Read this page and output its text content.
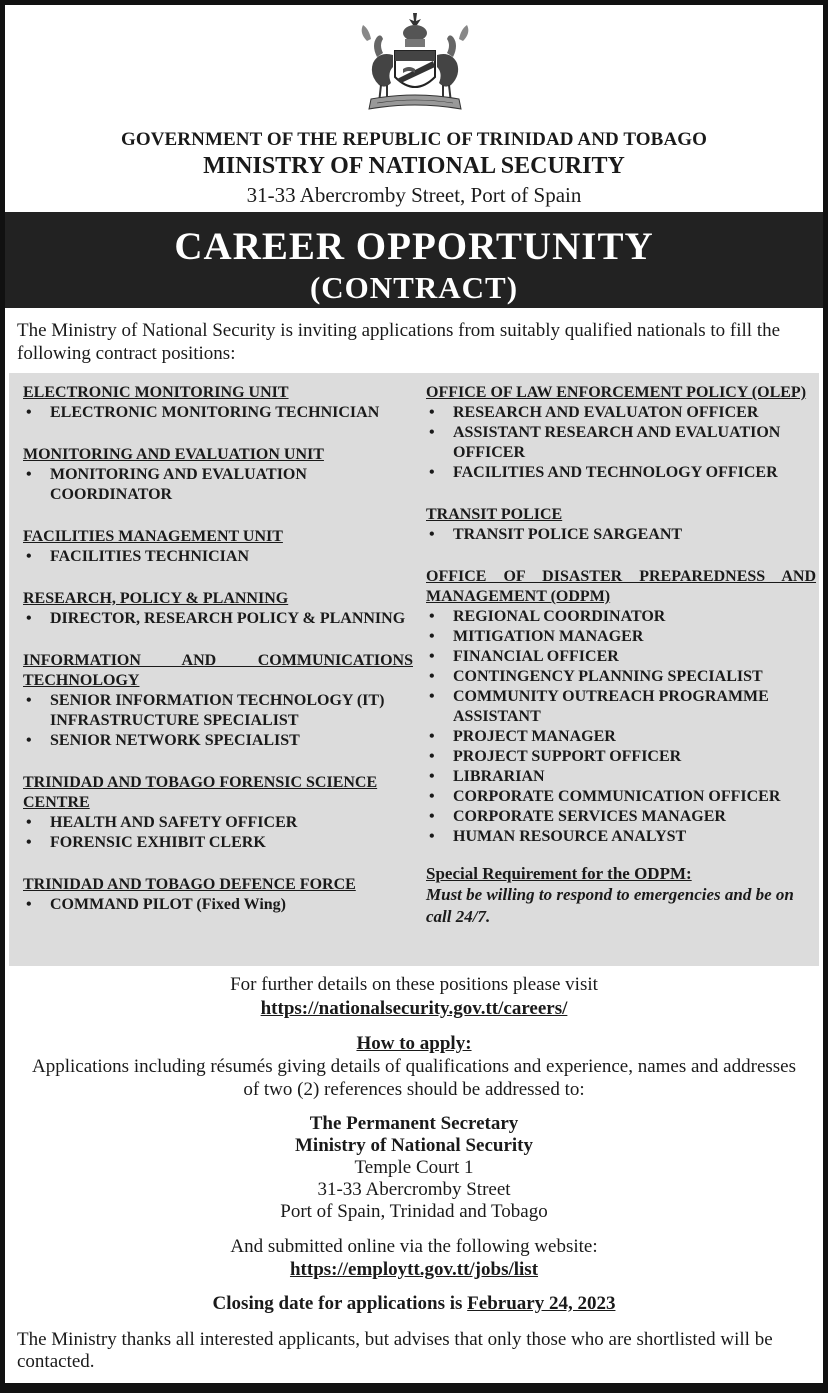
GOVERNMENT OF THE REPUBLIC OF TRINIDAD AND TOBAGO
MINISTRY OF NATIONAL SECURITY
31-33 Abercromby Street, Port of Spain
CAREER OPPORTUNITY
(CONTRACT)
The Ministry of National Security is inviting applications from suitably qualified nationals to fill the following contract positions:
ELECTRONIC MONITORING UNIT
• ELECTRONIC MONITORING TECHNICIAN
MONITORING AND EVALUATION UNIT
• MONITORING AND EVALUATION COORDINATOR
FACILITIES MANAGEMENT UNIT
• FACILITIES TECHNICIAN
RESEARCH, POLICY & PLANNING
• DIRECTOR, RESEARCH POLICY & PLANNING
INFORMATION AND COMMUNICATIONS TECHNOLOGY
• SENIOR INFORMATION TECHNOLOGY (IT) INFRASTRUCTURE SPECIALIST
• SENIOR NETWORK SPECIALIST
TRINIDAD AND TOBAGO FORENSIC SCIENCE CENTRE
• HEALTH AND SAFETY OFFICER
• FORENSIC EXHIBIT CLERK
TRINIDAD AND TOBAGO DEFENCE FORCE
• COMMAND PILOT (Fixed Wing)
OFFICE OF LAW ENFORCEMENT POLICY (OLEP)
• RESEARCH AND EVALUATON OFFICER
• ASSISTANT RESEARCH AND EVALUATION OFFICER
• FACILITIES AND TECHNOLOGY OFFICER
TRANSIT POLICE
• TRANSIT POLICE SARGEANT
OFFICE OF DISASTER PREPAREDNESS AND MANAGEMENT (ODPM)
• REGIONAL COORDINATOR
• MITIGATION MANAGER
• FINANCIAL OFFICER
• CONTINGENCY PLANNING SPECIALIST
• COMMUNITY OUTREACH PROGRAMME ASSISTANT
• PROJECT MANAGER
• PROJECT SUPPORT OFFICER
• LIBRARIAN
• CORPORATE COMMUNICATION OFFICER
• CORPORATE SERVICES MANAGER
• HUMAN RESOURCE ANALYST
Special Requirement for the ODPM:
Must be willing to respond to emergencies and be on call 24/7.
For further details on these positions please visit
https://nationalsecurity.gov.tt/careers/
How to apply:
Applications including résumés giving details of qualifications and experience, names and addresses of two (2) references should be addressed to:
The Permanent Secretary
Ministry of National Security
Temple Court 1
31-33 Abercromby Street
Port of Spain, Trinidad and Tobago
And submitted online via the following website:
https://employtt.gov.tt/jobs/list
Closing date for applications is February 24, 2023
The Ministry thanks all interested applicants, but advises that only those who are shortlisted will be contacted.
